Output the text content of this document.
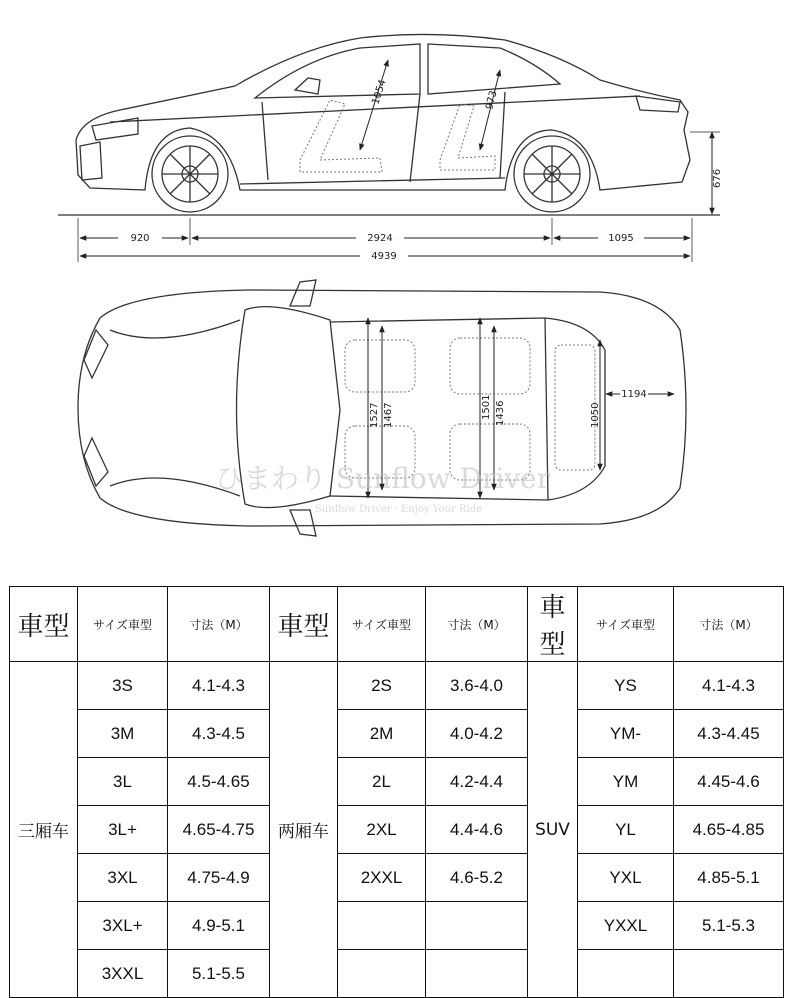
1054	973
676
920	2924	1095
4939
1527 1467	1501 1436	1050
1194
ひまわり Sunflow Driver
Sunflow Driver · Enjoy Your Ride
車型	サイズ車型	寸法（M）	車型	サイズ車型	寸法（M）	車型	サイズ車型	寸法（M）
三厢车	3S	4.1-4.3	两厢车	2S	3.6-4.0	SUV	YS	4.1-4.3
	3M	4.3-4.5		2M	4.0-4.2		YM-	4.3-4.45
	3L	4.5-4.65		2L	4.2-4.4		YM	4.45-4.6
	3L+	4.65-4.75		2XL	4.4-4.6		YL	4.65-4.85
	3XL	4.75-4.9		2XXL	4.6-5.2		YXL	4.85-5.1
	3XL+	4.9-5.1					YXXL	5.1-5.3
	3XXL	5.1-5.5						
